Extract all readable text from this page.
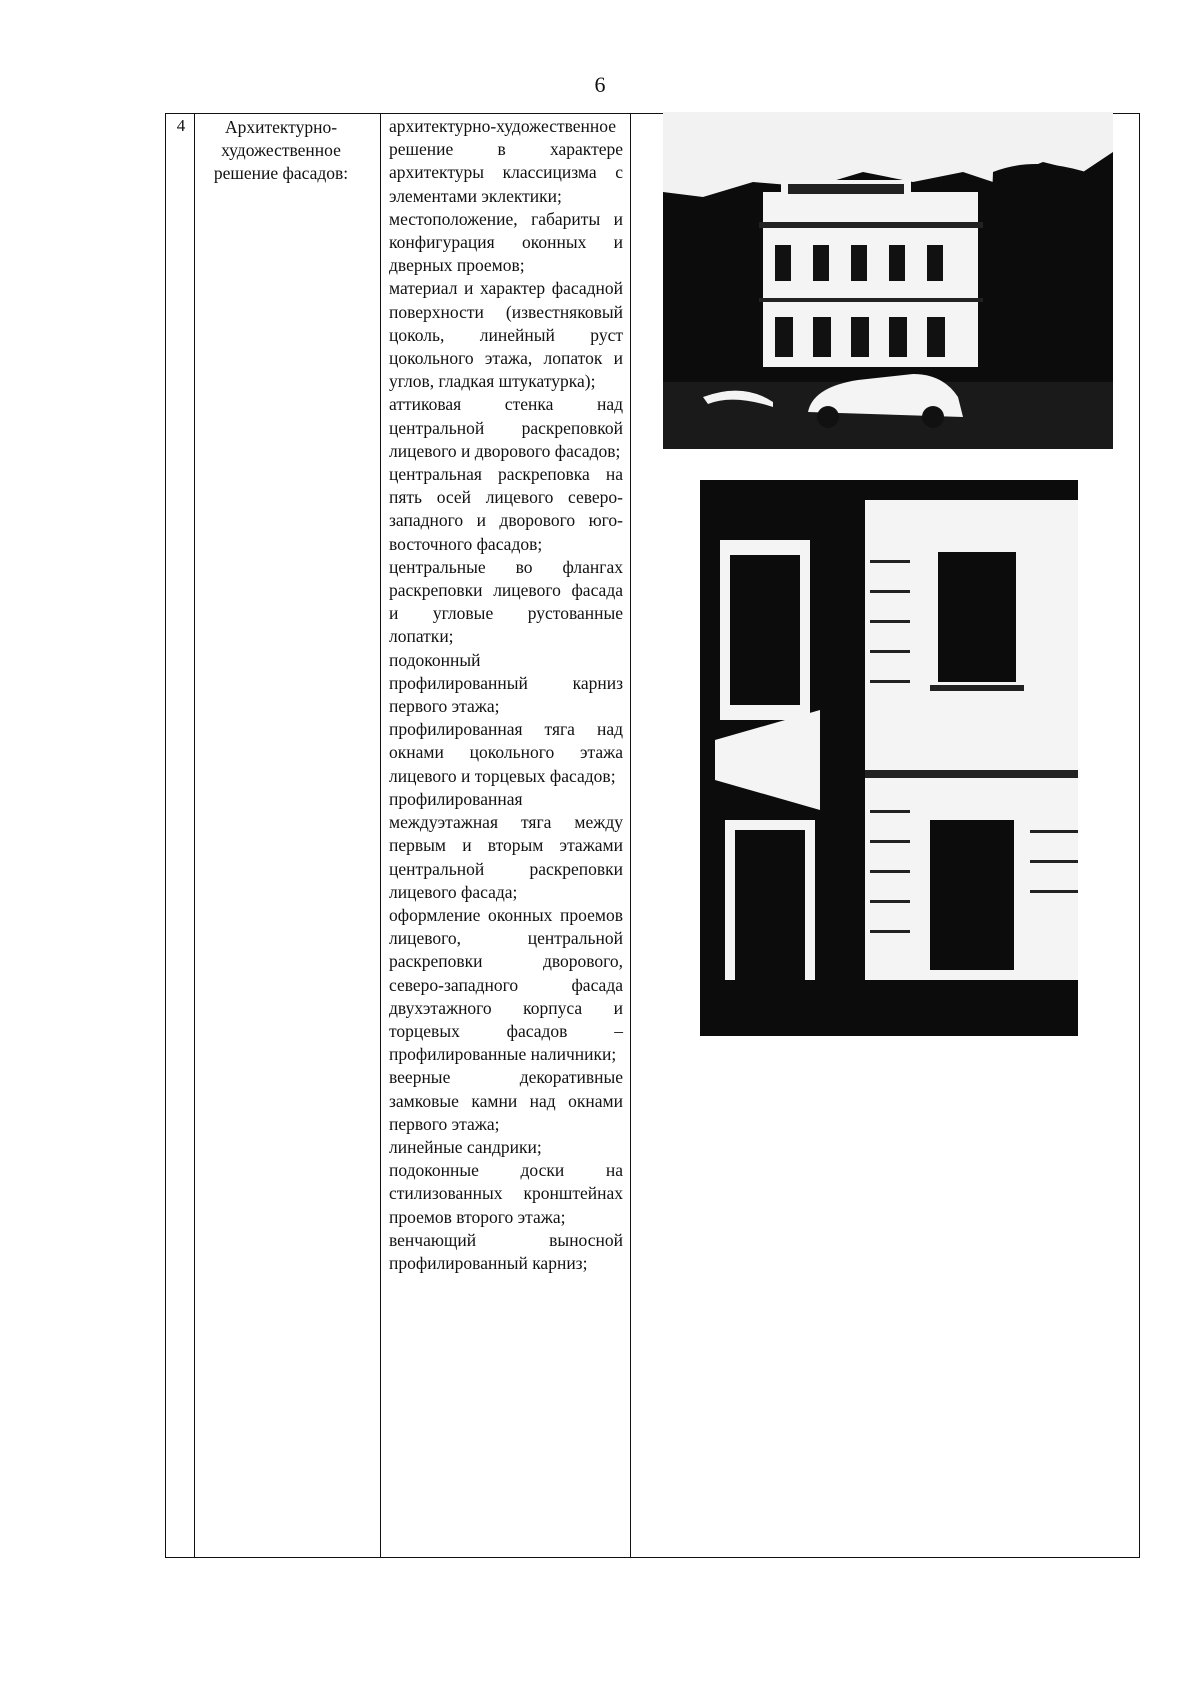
6
4	Архитектурно-художественное решение фасадов:
архитектурно-художественное решение в характере архитектуры классицизма с элементами эклектики;
местоположение, габариты и конфигурация оконных и дверных проемов;
материал и характер фасадной поверхности (известняковый цоколь, линейный руст цокольного этажа, лопаток и углов, гладкая штукатурка);
аттиковая стенка над центральной раскреповкой лицевого и дворового фасадов;
центральная раскреповка на пять осей лицевого северо-западного и дворового юго-восточного фасадов;
центральные во флангах раскреповки лицевого фасада и угловые рустованные лопатки;
подоконный профилированный карниз первого этажа;
профилированная тяга над окнами цокольного этажа лицевого и торцевых фасадов;
профилированная междуэтажная тяга между первым и вторым этажами центральной раскреповки лицевого фасада;
оформление оконных проемов лицевого, центральной раскреповки дворового, северо-западного фасада двухэтажного корпуса и торцевых фасадов – профилированные наличники;
веерные декоративные замковые камни над окнами первого этажа;
линейные сандрики;
подоконные доски на стилизованных кронштейнах проемов второго этажа;
венчающий выносной профилированный карниз;
